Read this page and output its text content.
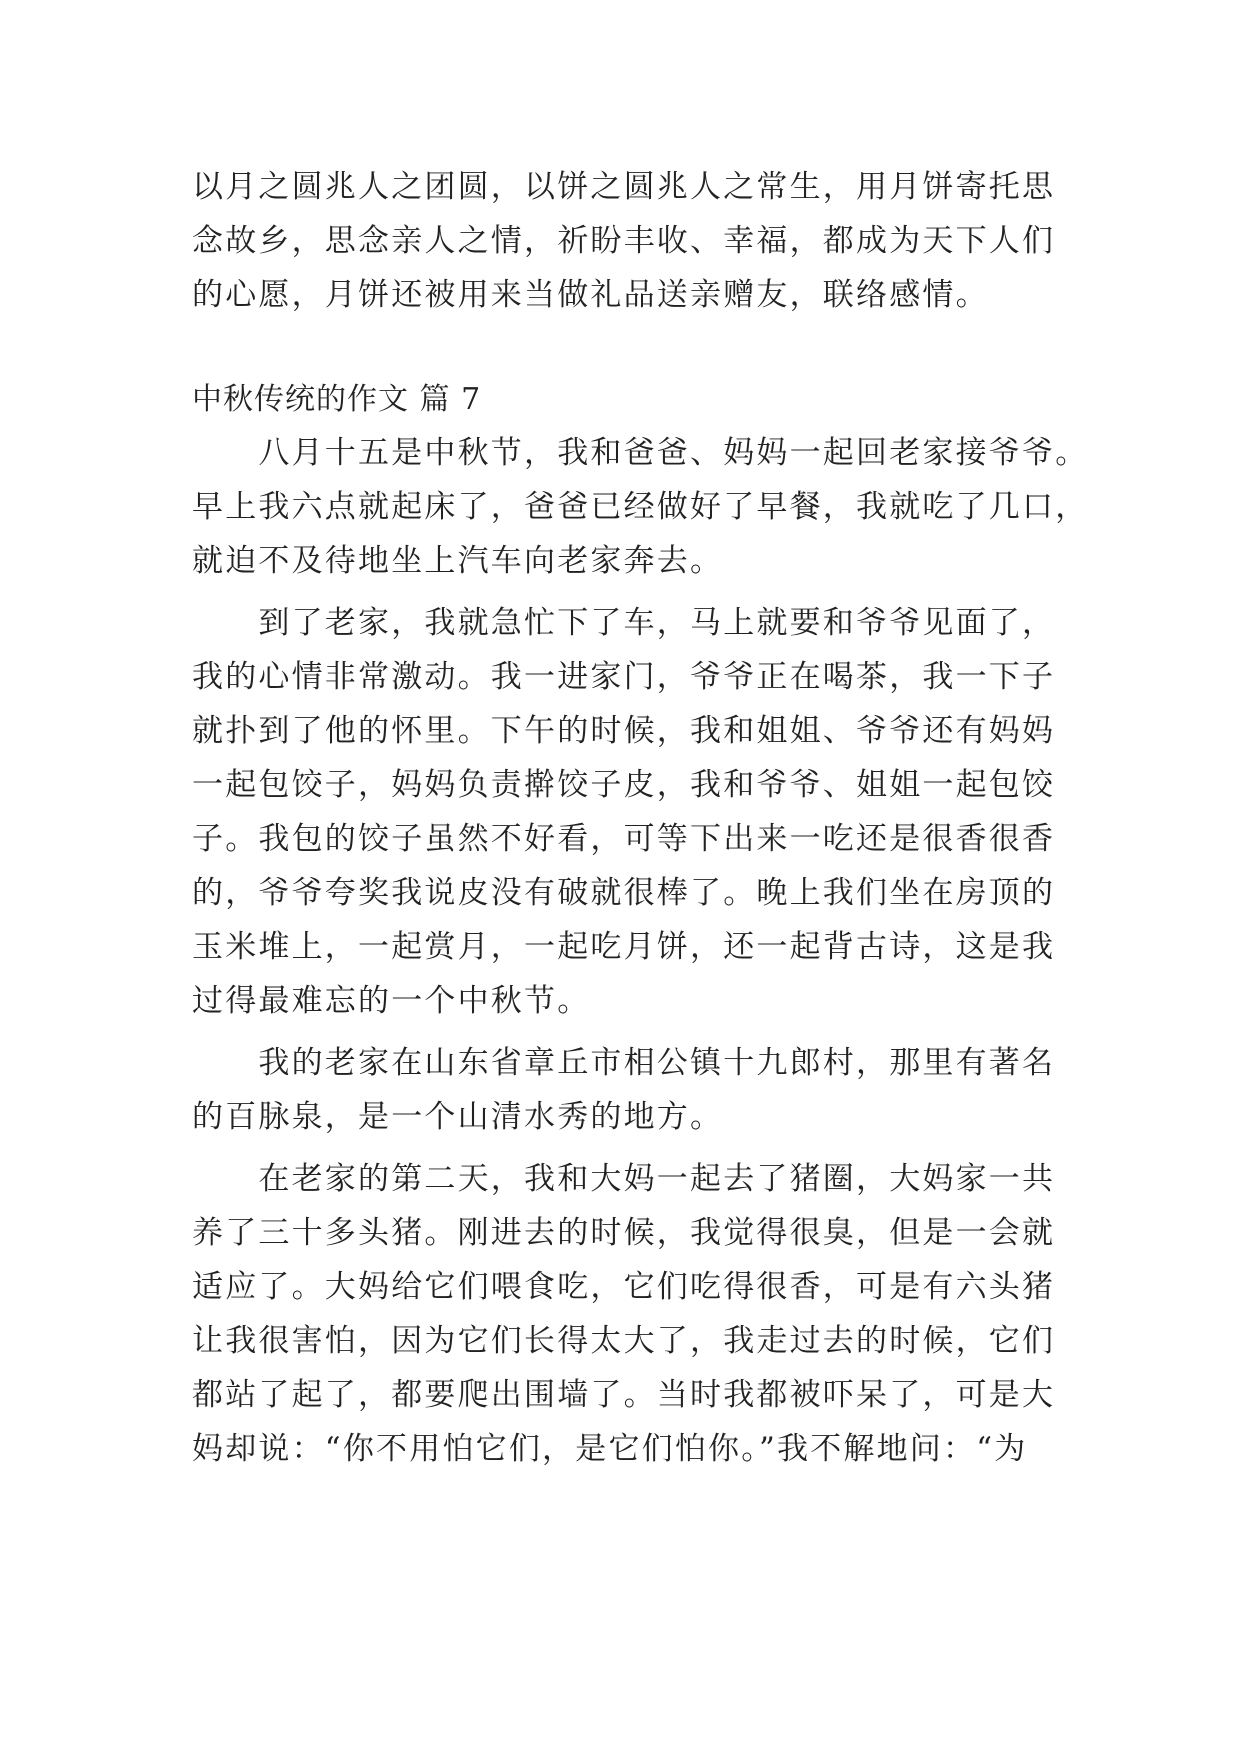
以月之圆兆人之团圆，以饼之圆兆人之常生，用月饼寄托思
念故乡，思念亲人之情，祈盼丰收、幸福，都成为天下人们
的心愿，月饼还被用来当做礼品送亲赠友，联络感情。
中秋传统的作文 篇 7
　　八月十五是中秋节，我和爸爸、妈妈一起回老家接爷爷。
早上我六点就起床了，爸爸已经做好了早餐，我就吃了几口，
就迫不及待地坐上汽车向老家奔去。
　　到了老家，我就急忙下了车，马上就要和爷爷见面了，
我的心情非常激动。我一进家门，爷爷正在喝茶，我一下子
就扑到了他的怀里。下午的时候，我和姐姐、爷爷还有妈妈
一起包饺子，妈妈负责擀饺子皮，我和爷爷、姐姐一起包饺
子。我包的饺子虽然不好看，可等下出来一吃还是很香很香
的，爷爷夸奖我说皮没有破就很棒了。晚上我们坐在房顶的
玉米堆上，一起赏月，一起吃月饼，还一起背古诗，这是我
过得最难忘的一个中秋节。
　　我的老家在山东省章丘市相公镇十九郎村，那里有著名
的百脉泉，是一个山清水秀的地方。
　　在老家的第二天，我和大妈一起去了猪圈，大妈家一共
养了三十多头猪。刚进去的时候，我觉得很臭，但是一会就
适应了。大妈给它们喂食吃，它们吃得很香，可是有六头猪
让我很害怕，因为它们长得太大了，我走过去的时候，它们
都站了起了，都要爬出围墙了。当时我都被吓呆了，可是大
妈却说：“你不用怕它们，是它们怕你。”我不解地问：“为
